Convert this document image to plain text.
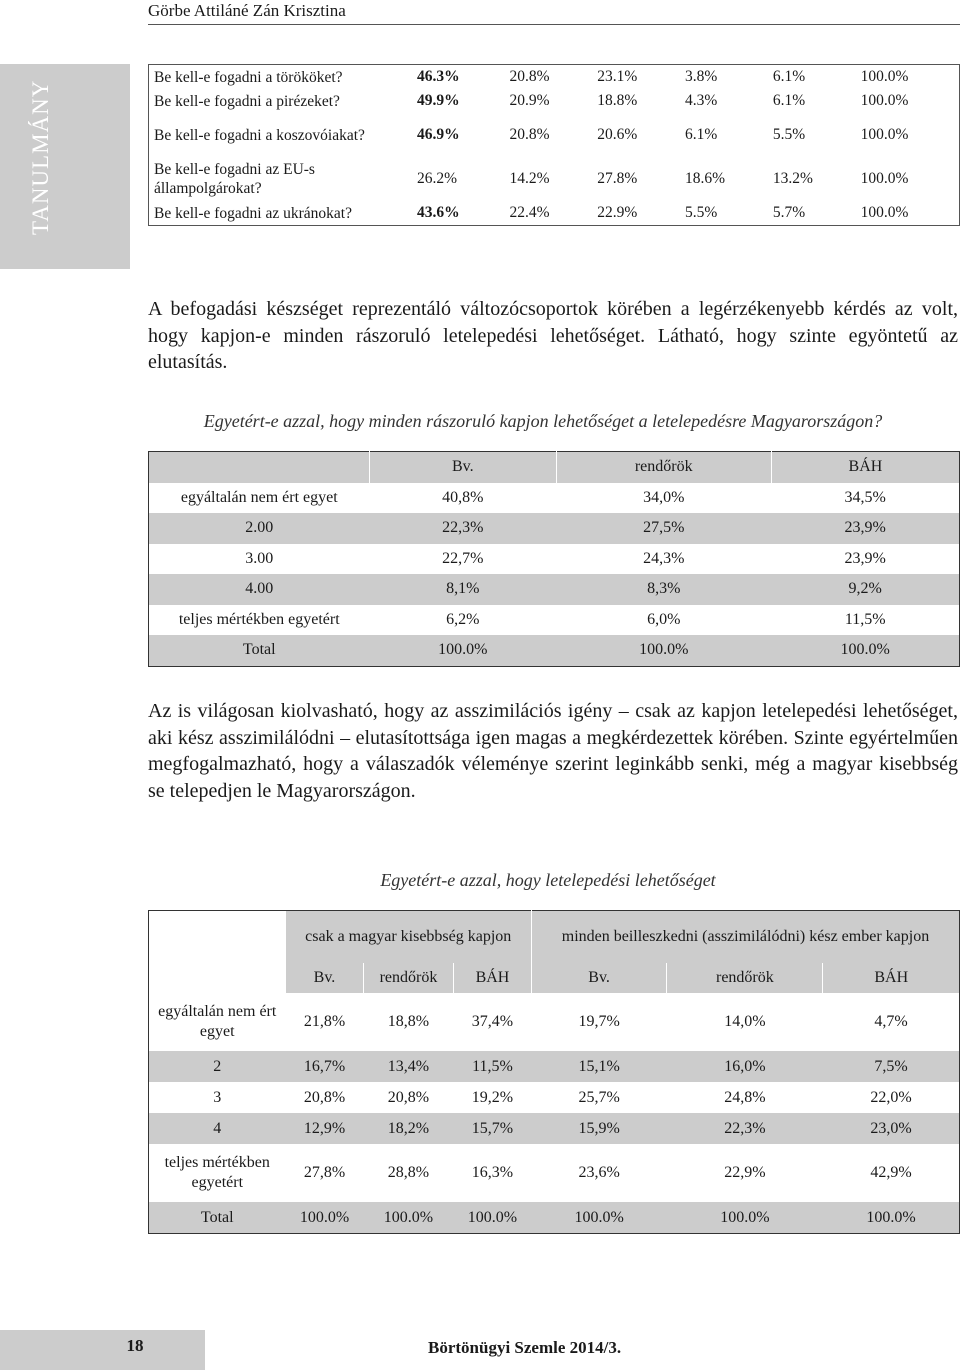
Görbe Attiláné Zán Krisztina
TANULMÁNY
Be kell-e fogadni a törököket?	46.3%	20.8%	23.1%	3.8%	6.1%	100.0%
Be kell-e fogadni a pirézeket?	49.9%	20.9%	18.8%	4.3%	6.1%	100.0%
Be kell-e fogadni a koszovóiakat?	46.9%	20.8%	20.6%	6.1%	5.5%	100.0%
Be kell-e fogadni az EU-s állampolgárokat?	26.2%	14.2%	27.8%	18.6%	13.2%	100.0%
Be kell-e fogadni az ukránokat?	43.6%	22.4%	22.9%	5.5%	5.7%	100.0%

A befogadási készséget reprezentáló változócsoportok körében a legérzékenyebb kérdés az volt, hogy kapjon-e minden rászoruló letelepedési lehetőséget. Látható, hogy szinte egyöntetű az elutasítás.

Egyetért-e azzal, hogy minden rászoruló kapjon lehetőséget a letelepedésre Magyarországon?
	Bv.	rendőrök	BÁH
egyáltalán nem ért egyet	40,8%	34,0%	34,5%
2.00	22,3%	27,5%	23,9%
3.00	22,7%	24,3%	23,9%
4.00	8,1%	8,3%	9,2%
teljes mértékben egyetért	6,2%	6,0%	11,5%
Total	100.0%	100.0%	100.0%

Az is világosan kiolvasható, hogy az asszimilációs igény – csak az kapjon letelepedési lehetőséget, aki kész asszimilálódni – elutasítottsága igen magas a megkérdezettek körében. Szinte egyértelműen megfogalmazható, hogy a válaszadók véleménye szerint leginkább senki, még a magyar kisebbség se telepedjen le Magyarországon.

Egyetért-e azzal, hogy letelepedési lehetőséget
	csak a magyar kisebbség kapjon			minden beilleszkedni (asszimilálódni) kész ember kapjon		
	Bv.	rendőrök	BÁH	Bv.	rendőrök	BÁH
egyáltalán nem ért egyet	21,8%	18,8%	37,4%	19,7%	14,0%	4,7%
2	16,7%	13,4%	11,5%	15,1%	16,0%	7,5%
3	20,8%	20,8%	19,2%	25,7%	24,8%	22,0%
4	12,9%	18,2%	15,7%	15,9%	22,3%	23,0%
teljes mértékben egyetért	27,8%	28,8%	16,3%	23,6%	22,9%	42,9%
Total	100.0%	100.0%	100.0%	100.0%	100.0%	100.0%
18	Börtönügyi Szemle 2014/3.
